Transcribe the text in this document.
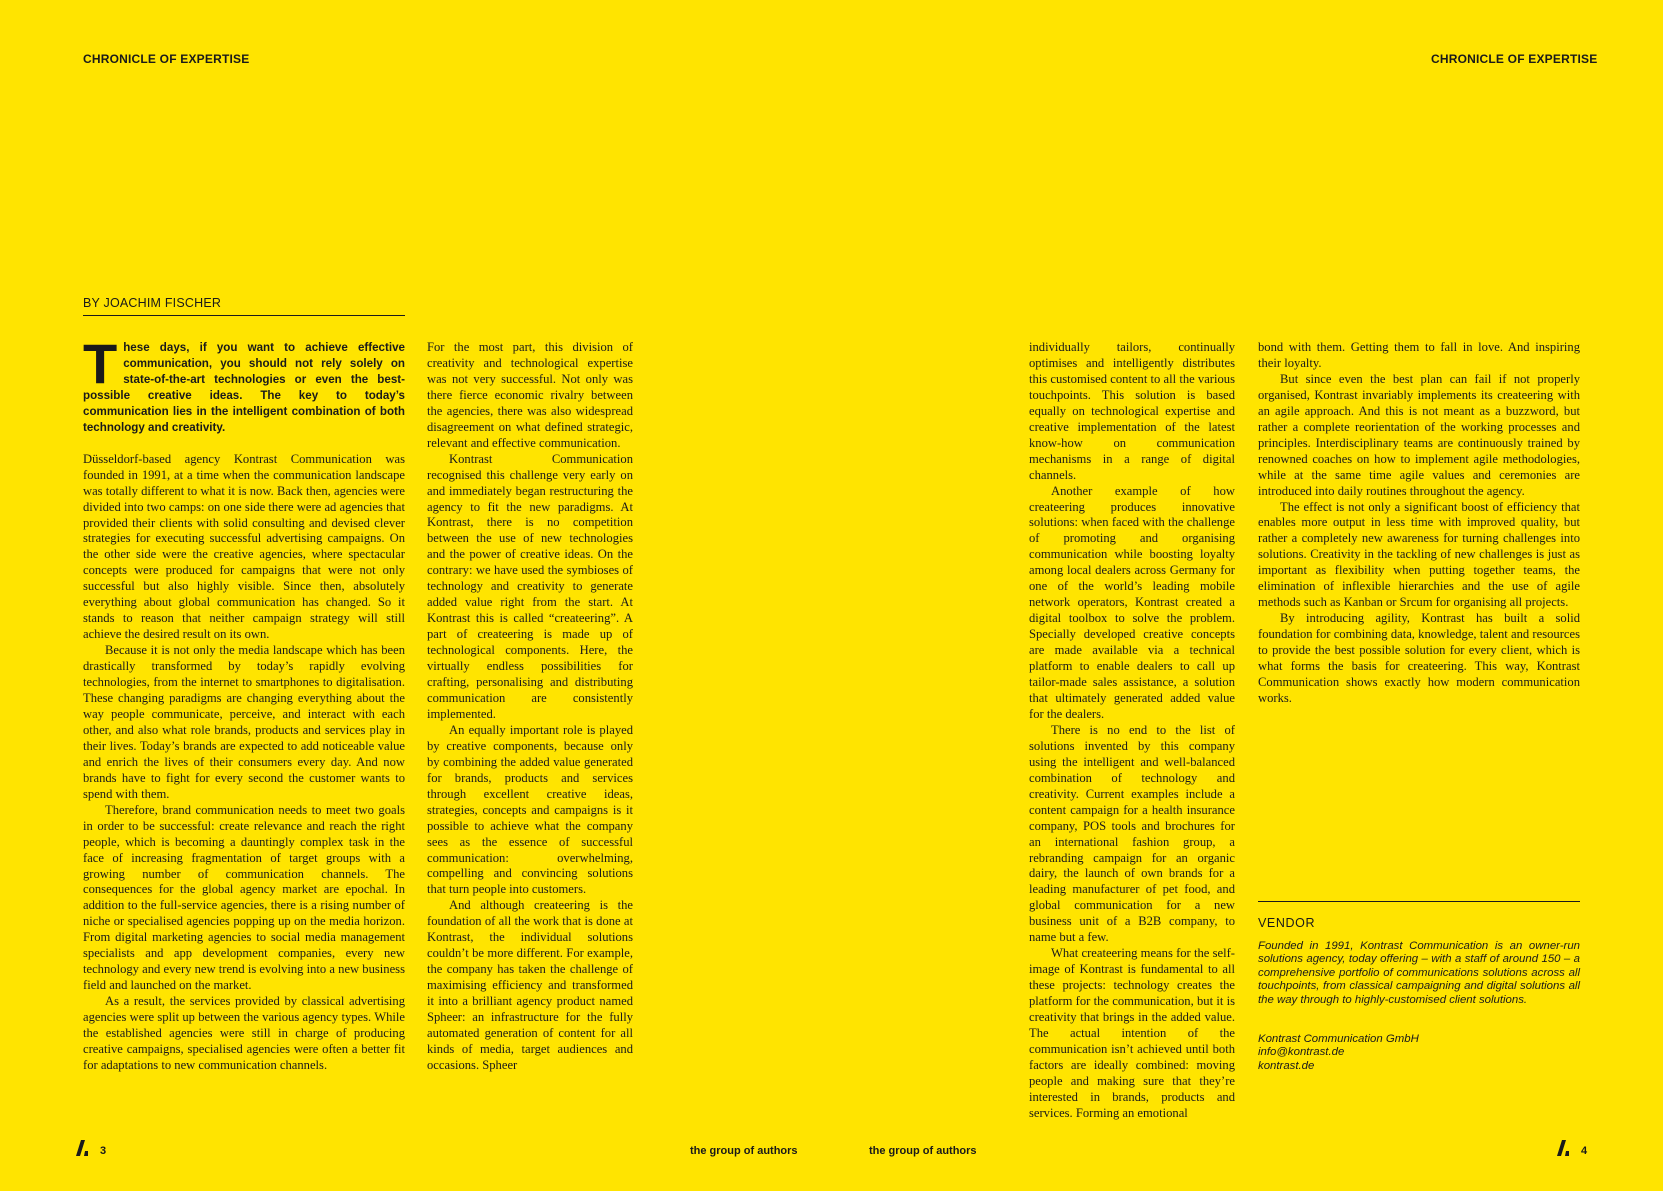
CHRONICLE OF EXPERTISE	CHRONICLE OF EXPERTISE
BY JOACHIM FISCHER

These days, if you want to achieve effective communication, you should not rely solely on state-of-the-art technologies or even the best-possible creative ideas. The key to today’s communication lies in the intelligent combination of both technology and creativity.

Düsseldorf-based agency Kontrast Communication was founded in 1991, at a time when the communication landscape was totally different to what it is now. Back then, agencies were divided into two camps: on one side there were ad agencies that provided their clients with solid consulting and devised clever strategies for executing successful advertising campaigns. On the other side were the creative agencies, where spectacular concepts were produced for campaigns that were not only successful but also highly visible. Since then, absolutely everything about global communication has changed. So it stands to reason that neither campaign strategy will still achieve the desired result on its own.

Because it is not only the media landscape which has been drastically transformed by today’s rapidly evolving technologies, from the internet to smartphones to digitalisation. These changing paradigms are changing everything about the way people communicate, perceive, and interact with each other, and also what role brands, products and services play in their lives. Today’s brands are expected to add noticeable value and enrich the lives of their consumers every day. And now brands have to fight for every second the customer wants to spend with them.

Therefore, brand communication needs to meet two goals in order to be successful: create relevance and reach the right people, which is becoming a dauntingly complex task in the face of increasing fragmentation of target groups with a growing number of communication channels. The consequences for the global agency market are epochal. In addition to the full-service agencies, there is a rising number of niche or specialised agencies popping up on the media horizon. From digital marketing agencies to social media management specialists and app development companies, every new technology and every new trend is evolving into a new business field and launched on the market.

As a result, the services provided by classical advertising agencies were split up between the various agency types. While the established agencies were still in charge of producing creative campaigns, specialised agencies were often a better fit for adaptations to new communication channels.

For the most part, this division of creativity and technological expertise was not very successful. Not only was there fierce economic rivalry between the agencies, there was also widespread disagreement on what defined strategic, relevant and effective communication.

Kontrast Communication recognised this challenge very early on and immediately began restructuring the agency to fit the new paradigms. At Kontrast, there is no competition between the use of new technologies and the power of creative ideas. On the contrary: we have used the symbioses of technology and creativity to generate added value right from the start. At Kontrast this is called “createering”. A part of createering is made up of technological components. Here, the virtually endless possibilities for crafting, personalising and distributing communication are consistently implemented.

An equally important role is played by creative components, because only by combining the added value generated for brands, products and services through excellent creative ideas, strategies, concepts and campaigns is it possible to achieve what the company sees as the essence of successful communication: overwhelming, compelling and convincing solutions that turn people into customers.

And although createering is the foundation of all the work that is done at Kontrast, the individual solutions couldn’t be more different. For example, the company has taken the challenge of maximising efficiency and transformed it into a brilliant agency product named Spheer: an infrastructure for the fully automated generation of content for all kinds of media, target audiences and occasions. Spheer

individually tailors, continually optimises and intelligently distributes this customised content to all the various touchpoints. This solution is based equally on technological expertise and creative implementation of the latest know-how on communication mechanisms in a range of digital channels.

Another example of how createering produces innovative solutions: when faced with the challenge of promoting and organising communication while boosting loyalty among local dealers across Germany for one of the world’s leading mobile network operators, Kontrast created a digital toolbox to solve the problem. Specially developed creative concepts are made available via a technical platform to enable dealers to call up tailor-made sales assistance, a solution that ultimately generated added value for the dealers.

There is no end to the list of solutions invented by this company using the intelligent and well-balanced combination of technology and creativity. Current examples include a content campaign for a health insurance company, POS tools and brochures for an international fashion group, a rebranding campaign for an organic dairy, the launch of own brands for a leading manufacturer of pet food, and global communication for a new business unit of a B2B company, to name but a few.

What createering means for the self-image of Kontrast is fundamental to all these projects: technology creates the platform for the communication, but it is creativity that brings in the added value. The actual intention of the communication isn’t achieved until both factors are ideally combined: moving people and making sure that they’re interested in brands, products and services. Forming an emotional

bond with them. Getting them to fall in love. And inspiring their loyalty.

But since even the best plan can fail if not properly organised, Kontrast invariably implements its createering with an agile approach. And this is not meant as a buzzword, but rather a complete reorientation of the working processes and principles. Interdisciplinary teams are continuously trained by renowned coaches on how to implement agile methodologies, while at the same time agile values and ceremonies are introduced into daily routines throughout the agency.

The effect is not only a significant boost of efficiency that enables more output in less time with improved quality, but rather a completely new awareness for turning challenges into solutions. Creativity in the tackling of new challenges is just as important as flexibility when putting together teams, the elimination of inflexible hierarchies and the use of agile methods such as Kanban or Srcum for organising all projects.

By introducing agility, Kontrast has built a solid foundation for combining data, knowledge, talent and resources to provide the best possible solution for every client, which is what forms the basis for createering. This way, Kontrast Communication shows exactly how modern communication works.

VENDOR
Founded in 1991, Kontrast Communication is an owner-run solutions agency, today offering – with a staff of around 150 – a comprehensive portfolio of communications solutions across all touchpoints, from classical campaigning and digital solutions all the way through to highly-customised client solutions.
Kontrast Communication GmbH
info@kontrast.de
kontrast.de
3	the group of authors	the group of authors	4
